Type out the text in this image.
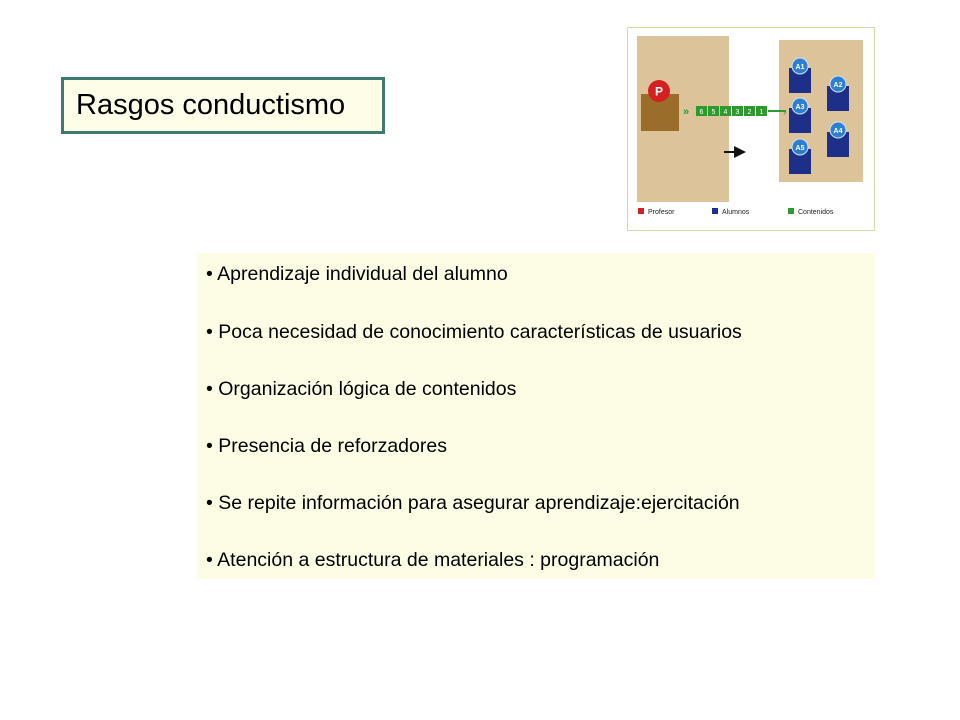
Rasgos conductismo	P
» 6 5 4 3 2 1 ›
A1
A2
A3
A4
A5
Profesor	Alumnos	Contenidos
• Aprendizaje individual del alumno
• Poca necesidad de conocimiento características de usuarios
• Organización lógica de contenidos
• Presencia de reforzadores
• Se repite información para asegurar aprendizaje:ejercitación
• Atención a estructura de materiales : programación
